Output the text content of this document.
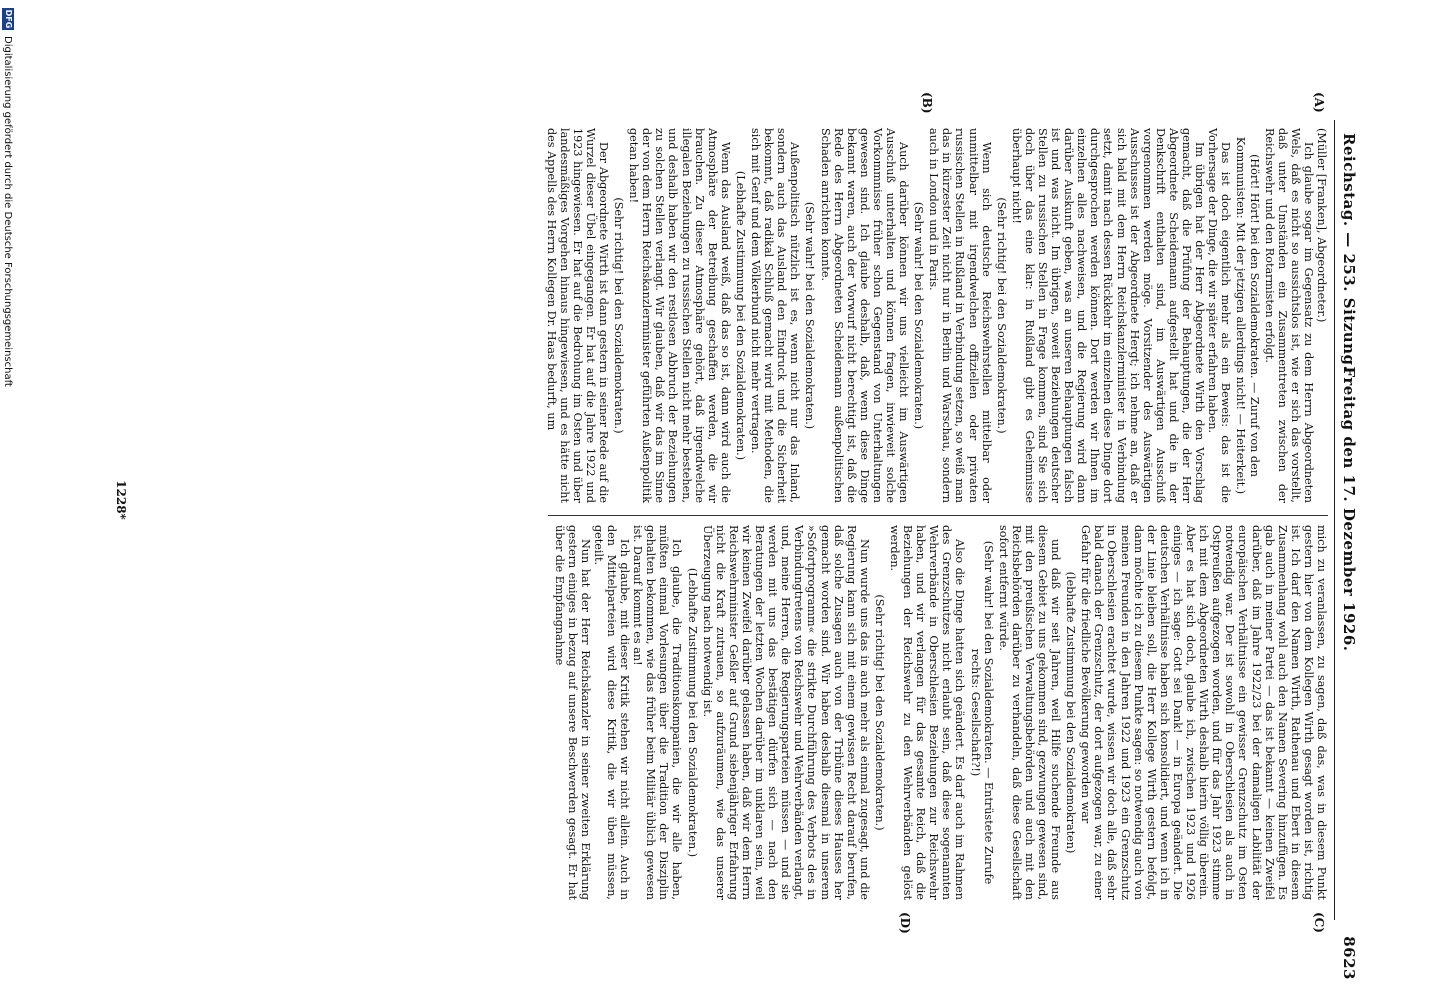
Reichstag. — 253. Sitzung.
Freitag den 17. Dezember 1926.
8623
(A)
(B)
(C)
(D)

(Müller [Franken], Abgeordneter.)

Ich glaube sogar im Gegensatz zu dem Herrn Abgeordneten Wels, daß es nicht so aussichtslos ist, wie er sich das vorstellt, daß unter Umständen ein Zusammentreten zwischen der Reichswehr und den Rotarmisten erfolgt.

(Hört! Hört! bei den Sozialdemokraten. — Zuruf von den Kommunisten: Mit der jetzigen allerdings nicht! — Heiterkeit.)

Das ist doch eigentlich mehr als ein Beweis: das ist die Vorhersage der Dinge, die wir später erfahren haben.

Im übrigen hat der Herr Abgeordnete Wirth den Vorschlag gemacht, daß die Prüfung der Behauptungen, die der Herr Abgeordnete Scheidemann aufgestellt hat und die in der Denkschrift enthalten sind, im Auswärtigen Ausschuß vorgenommen werden möge. Vorsitzender des Auswärtigen Ausschusses ist der Abgeordnete Hergt; ich nehme an, daß er sich bald mit dem Herrn Reichskanzlerminister in Verbindung setzt, damit nach dessen Rückkehr im einzelnen diese Dinge dort durchgesprochen werden können. Dort werden wir Ihnen im einzelnen alles nachweisen, und die Regierung wird dann darüber Auskunft geben, was an unseren Behauptungen falsch ist und was nicht. Im übrigen, soweit Beziehungen deutscher Stellen zu russischen Stellen in Frage kommen, sind Sie sich doch über das eine klar: in Rußland gibt es Geheimnisse überhaupt nicht!

(Sehr richtig! bei den Sozialdemokraten.)

Wenn sich deutsche Reichswehrstellen mittelbar oder unmittelbar mit irgendwelchen offiziellen oder privaten russischen Stellen in Rußland in Verbindung setzen, so weiß man das in kürzester Zeit nicht nur in Berlin und Warschau, sondern auch in London und in Paris.

(Sehr wahr! bei den Sozialdemokraten.)

Auch darüber können wir uns vielleicht im Auswärtigen Ausschuß unterhalten und können fragen, inwieweit solche Vorkommnisse früher schon Gegenstand von Unterhaltungen gewesen sind. Ich glaube deshalb, daß, wenn diese Dinge bekannt waren, auch der Vorwurf nicht berechtigt ist, daß die Rede des Herrn Abgeordneten Scheidemann außenpolitischen Schaden anrichten konnte.

(Sehr wahr! bei den Sozialdemokraten.)

Außenpolitisch nützlich ist es, wenn nicht nur das Inland, sondern auch das Ausland den Eindruck und die Sicherheit bekommt, daß radikal Schluß gemacht wird mit Methoden, die sich mit Genf und dem Völkerbund nicht mehr vertragen.

(Lebhafte Zustimmung bei den Sozialdemokraten.)

Wenn das Ausland weiß, daß das so ist, dann wird auch die Atmosphäre der Betreibung geschaffen werden, die wir brauchen. Zu dieser Atmosphäre gehört, daß irgendwelche illegalen Beziehungen zu russischen Stellen nicht mehr bestehen, und deshalb haben wir den restlosen Abbruch der Beziehungen zu solchen Stellen verlangt. Wir glauben, daß wir das im Sinne der von dem Herrn Reichskanzlerminister geführten Außenpolitik getan haben!

(Sehr richtig! bei den Sozialdemokraten.)

Der Abgeordnete Wirth ist dann gestern in seiner Rede auf die Wurzel dieser Übel eingegangen. Er hat auf die Jahre 1922 und 1923 hingewiesen. Er hat auf die Bedrohung im Osten und über landesmäßiges Vorgehen hinaus hingewiesen, und es hätte nicht des Appells des Herrn Kollegen Dr. Haas bedurft, um

mich zu veranlassen, zu sagen, daß das, was in diesem Punkt gestern hier von dem Kollegen Wirth gesagt worden ist, richtig ist. Ich darf den Namen Wirth, Rathenau und Ebert in diesem Zusammenhang wohl auch den Namen Severing hinzufügen. Es gab auch in meiner Partei — das ist bekannt — keinen Zweifel darüber, daß im Jahre 1922/23 bei der damaligen Labilität der europäischen Verhältnisse ein gewisser Grenzschutz im Osten notwendig war. Der ist sowohl in Oberschlesien als auch in Ostpreußen aufgezogen worden, und für das Jahr 1923 stimme ich mit dem Abgeordneten Wirth deshalb hierin völlig überein. Aber es hat sich doch, glaube ich, zwischen 1923 und 1926 einiges — ich sage: Gott sei Dank! — in Europa geändert. Die deutschen Verhältnisse haben sich konsolidiert, und wenn ich in der Linie bleiben soll, die Herr Kollege Wirth gestern befolgt, dann möchte ich zu diesem Punkte sagen: so notwendig auch von meinen Freunden in den Jahren 1922 und 1923 ein Grenzschutz in Oberschlesien erachtet wurde, wissen wir doch alle, daß sehr bald danach der Grenzschutz, der dort aufgezogen war, zu einer Gefahr für die friedliche Bevölkerung geworden war

(lebhafte Zustimmung bei den Sozialdemokraten)

und daß wir seit Jahren, weil Hilfe suchende Freunde aus diesem Gebiet zu uns gekommen sind, gezwungen gewesen sind, mit den preußischen Verwaltungsbehörden und auch mit den Reichsbehörden darüber zu verhandeln, daß diese Gesellschaft sofort entfernt würde.

(Sehr wahr! bei den Sozialdemokraten. — Entrüstete Zurufe rechts: Gesellschaft?!)

Also die Dinge hatten sich geändert. Es darf auch im Rahmen des Grenzschutzes nicht erlaubt sein, daß diese sogenannten Wehrverbände in Oberschlesien Beziehungen zur Reichswehr haben, und wir verlangen für das gesamte Reich, daß die Beziehungen der Reichswehr zu den Wehrverbänden gelöst werden.

(Sehr richtig! bei den Sozialdemokraten.)

Nun wurde uns das in auch mehr als einmal zugesagt, und die Regierung kann sich mit einem gewissen Recht darauf berufen, daß solche Zusagen auch von der Tribüne dieses Hauses her gemacht worden sind. Wir haben deshalb diesmal in unserem »Sofortprogramm« die strikte Durchführung des Verbots des in Verbindungtretens von Reichswehr und Wehrverbänden verlangt, und, meine Herren, die Regierungsparteien müssen — und sie werden mit uns das bestätigen dürfen sich — nach den Beratungen der letzten Wochen darüber im unklaren sein, weil wir keinen Zweifel darüber gelassen haben, daß wir dem Herrn Reichswehrminister Geßler auf Grund siebenjähriger Erfahrung nicht die Kraft zutrauen, so aufzuräumen, wie das unserer Überzeugung nach notwendig ist.

(Lebhafte Zustimmung bei den Sozialdemokraten.)

Ich glaube, die Traditionskompanien, die wir alle haben, müßten einmal Vorlesungen über die Tradition der Disziplin gehalten bekommen, wie das früher beim Militär üblich gewesen ist. Darauf kommt es an!

Ich glaube, mit dieser Kritik stehen wir nicht allein. Auch in den Mittelparteien wird diese Kritik, die wir üben müssen, geteilt.

Nun hat der Herr Reichskanzler in seiner zweiten Erklärung gestern einiges in bezug auf unsere Beschwerden gesagt. Er hat über die Empfangnahme

1228*
DFG
Digitalisierung gefördert durch die Deutsche Forschungsgemeinschaft
